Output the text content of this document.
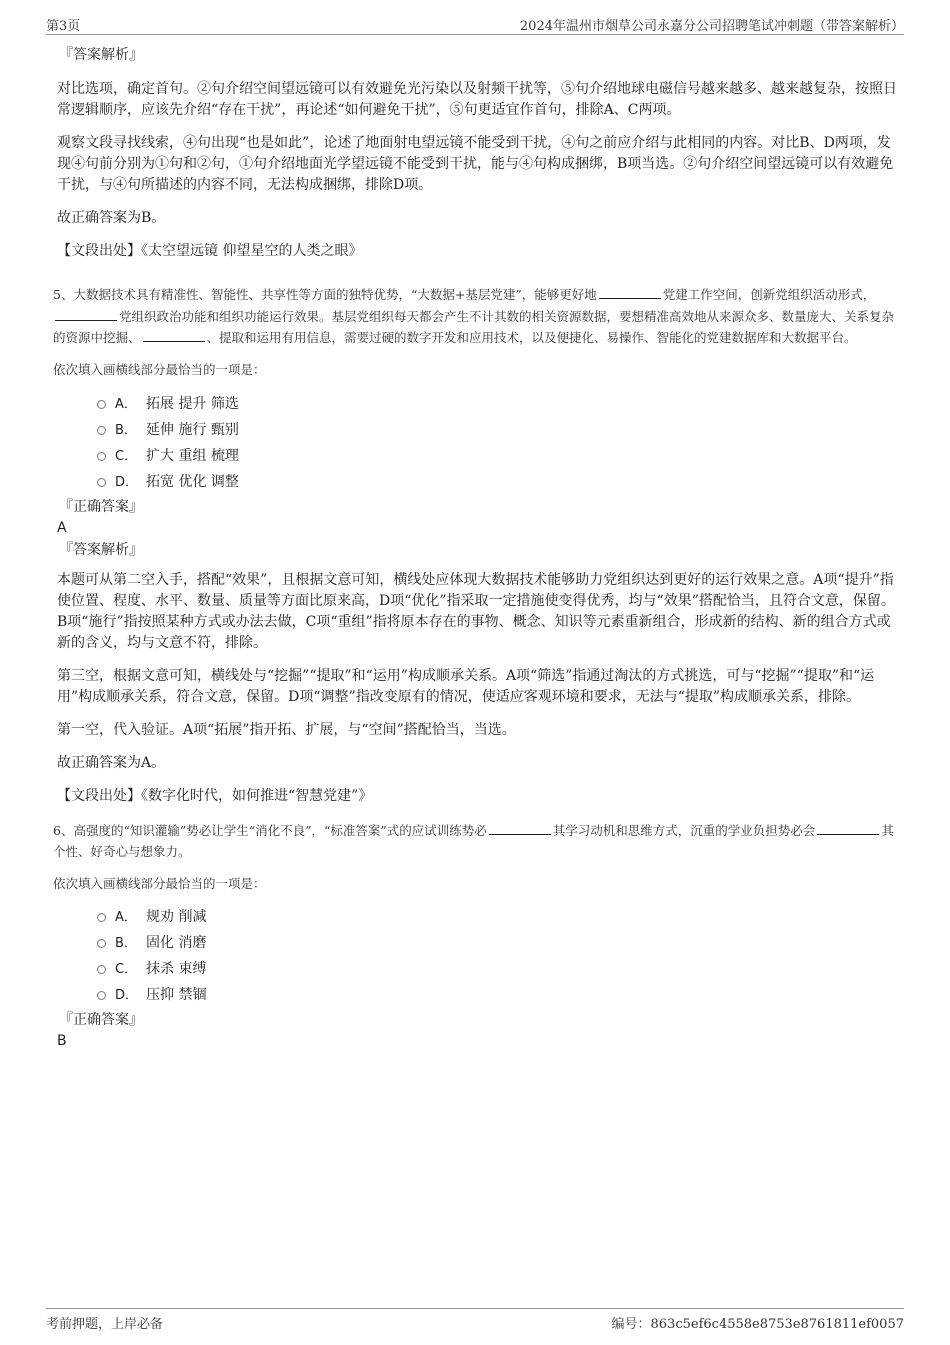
第3页	2024年温州市烟草公司永嘉分公司招聘笔试冲刺题（带答案解析）
『答案解析』

对比选项，确定首句。②句介绍空间望远镜可以有效避免光污染以及射频干扰等，⑤句介绍地球电磁信号越来越多、越来越复杂，按照日常逻辑顺序，应该先介绍“存在干扰”，再论述“如何避免干扰”，⑤句更适宜作首句，排除A、C两项。

观察文段寻找线索，④句出现“也是如此”，论述了地面射电望远镜不能受到干扰，④句之前应介绍与此相同的内容。对比B、D两项，发现④句前分别为①句和②句，①句介绍地面光学望远镜不能受到干扰，能与④句构成捆绑，B项当选。②句介绍空间望远镜可以有效避免干扰，与④句所描述的内容不同，无法构成捆绑，排除D项。

故正确答案为B。

【文段出处】《太空望远镜 仰望星空的人类之眼》

5、大数据技术具有精准性、智能性、共享性等方面的独特优势，“大数据+基层党建”，能够更好地	党建工作空间，创新党组织活动形式，党组织政治功能和组织功能运行效果。基层党组织每天都会产生不计其数的相关资源数据，要想精准高效地从来源众多、数量庞大、关系复杂的资源中挖掘、	、提取和运用有用信息，需要过硬的数字开发和应用技术，以及便捷化、易操作、智能化的党建数据库和大数据平台。

依次填入画横线部分最恰当的一项是：

A． 拓展 提升 筛选
B． 延伸 施行 甄别
C． 扩大 重组 梳理
D． 拓宽 优化 调整
『正确答案』

A

『答案解析』

本题可从第二空入手，搭配“效果”，且根据文意可知，横线处应体现大数据技术能够助力党组织达到更好的运行效果之意。A项“提升”指使位置、程度、水平、数量、质量等方面比原来高，D项“优化”指采取一定措施使变得优秀，均与“效果”搭配恰当，且符合文意，保留。B项“施行”指按照某种方式或办法去做，C项“重组”指将原本存在的事物、概念、知识等元素重新组合，形成新的结构、新的组合方式或新的含义，均与文意不符，排除。

第三空，根据文意可知，横线处与“挖掘”“提取”和“运用”构成顺承关系。A项“筛选”指通过淘汰的方式挑选，可与“挖掘”“提取”和“运用”构成顺承关系，符合文意，保留。D项“调整”指改变原有的情况，使适应客观环境和要求，无法与“提取”构成顺承关系，排除。

第一空，代入验证。A项“拓展”指开拓、扩展，与“空间”搭配恰当，当选。

故正确答案为A。

【文段出处】《数字化时代，如何推进“智慧党建”》

6、高强度的“知识灌输”势必让学生“消化不良”，“标准答案”式的应试训练势必	其学习动机和思维方式，沉重的学业负担势必会	其个性、好奇心与想象力。

依次填入画横线部分最恰当的一项是：

A． 规劝 削减
B． 固化 消磨
C． 抹杀 束缚
D． 压抑 禁锢
『正确答案』

B

考前押题，上岸必备	编号：863c5ef6c4558e8753e8761811ef0057
